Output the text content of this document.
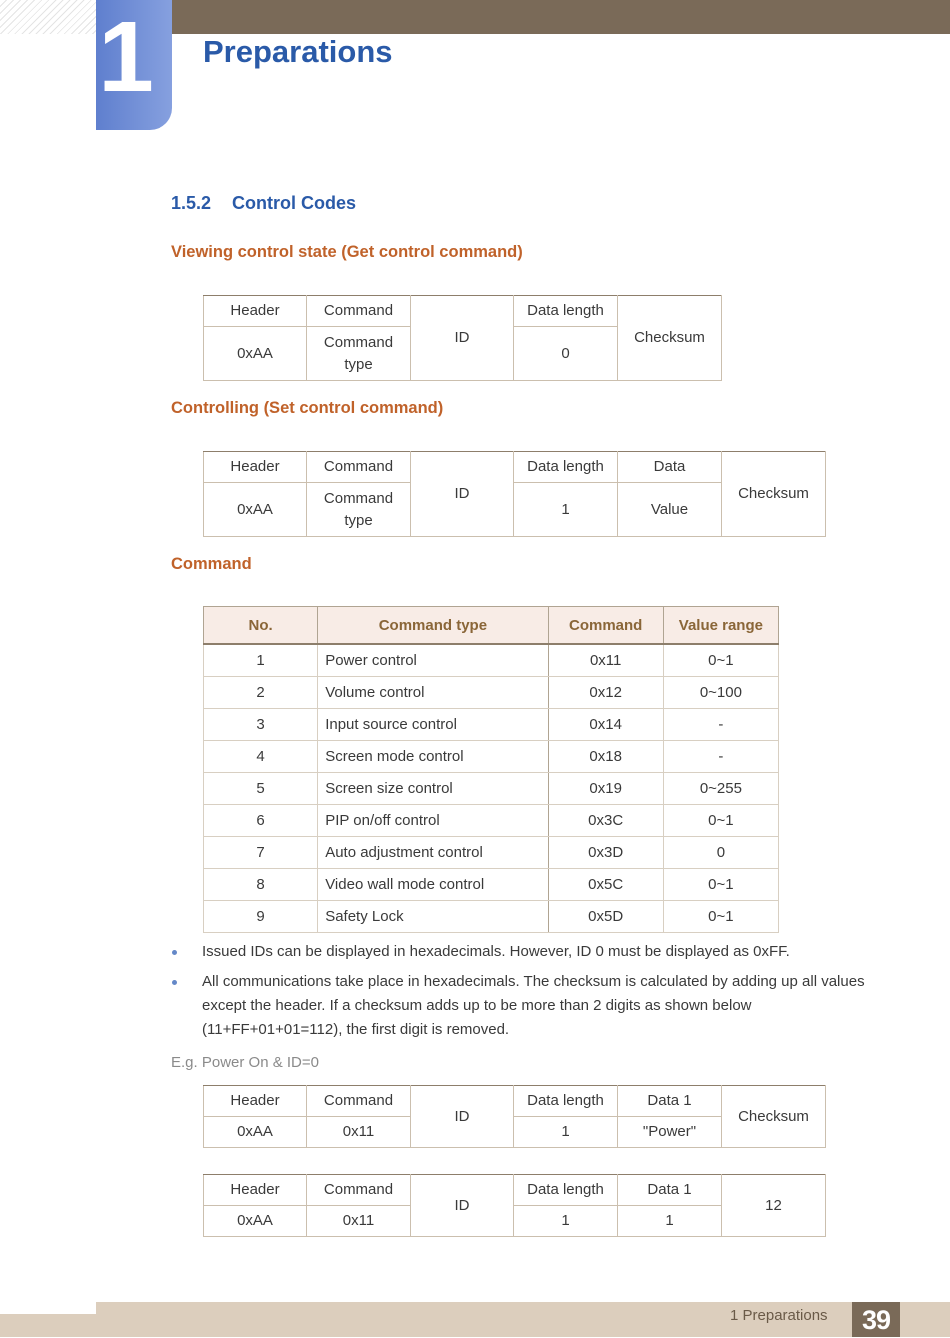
1 Preparations
1.5.2 Control Codes
Viewing control state (Get control command)
Header	Command	ID	Data length	Checksum
0xAA	Command type		0	
Controlling (Set control command)
Header	Command	ID	Data length	Data	Checksum
0xAA	Command type		1	Value	
Command
No.	Command type	Command	Value range
1	Power control	0x11	0~1
2	Volume control	0x12	0~100
3	Input source control	0x14	-
4	Screen mode control	0x18	-
5	Screen size control	0x19	0~255
6	PIP on/off control	0x3C	0~1
7	Auto adjustment control	0x3D	0
8	Video wall mode control	0x5C	0~1
9	Safety Lock	0x5D	0~1
Issued IDs can be displayed in hexadecimals. However, ID 0 must be displayed as 0xFF.
All communications take place in hexadecimals. The checksum is calculated by adding up all values except the header. If a checksum adds up to be more than 2 digits as shown below (11+FF+01+01=112), the first digit is removed.
E.g. Power On & ID=0
Header	Command	ID	Data length	Data 1	Checksum
0xAA	0x11		1	"Power"	
Header	Command	ID	Data length	Data 1	12
0xAA	0x11		1	1	
1 Preparations	39
